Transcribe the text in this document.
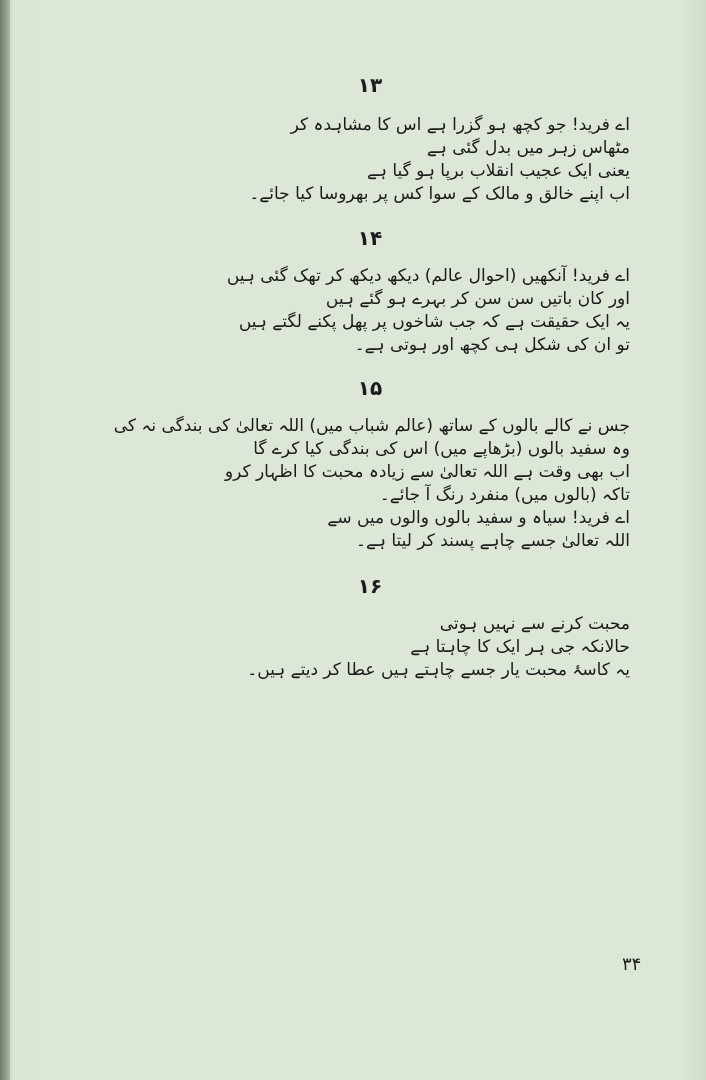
۱۳
اے فرید! جو کچھ ہو گزرا ہے اس کا مشاہدہ کر
مٹھاس زہر میں بدل گئی ہے
یعنی ایک عجیب انقلاب برپا ہو گیا ہے
اب اپنے خالق و مالک کے سوا کس پر بھروسا کیا جائے۔
۱۴
اے فرید! آنکھیں (احوال عالم) دیکھ دیکھ کر تھک گئی ہیں
اور کان باتیں سن سن کر بہرے ہو گئے ہیں
یہ ایک حقیقت ہے کہ جب شاخوں پر پھل پکنے لگتے ہیں
تو ان کی شکل ہی کچھ اور ہوتی ہے۔
۱۵
جس نے کالے بالوں کے ساتھ (عالم شباب میں) اللہ تعالیٰ کی بندگی نہ کی
وہ سفید بالوں (بڑھاپے میں) اس کی بندگی کیا کرے گا
اب بھی وقت ہے اللہ تعالیٰ سے زیادہ محبت کا اظہار کرو
تاکہ (بالوں میں) منفرد رنگ آ جائے۔
اے فرید! سیاہ و سفید بالوں والوں میں سے
اللہ تعالیٰ جسے چاہے پسند کر لیتا ہے۔
۱۶
محبت کرنے سے نہیں ہوتی
حالانکہ جی ہر ایک کا چاہتا ہے
یہ کاسۂ محبت یار جسے چاہتے ہیں عطا کر دیتے ہیں۔
۳۴
